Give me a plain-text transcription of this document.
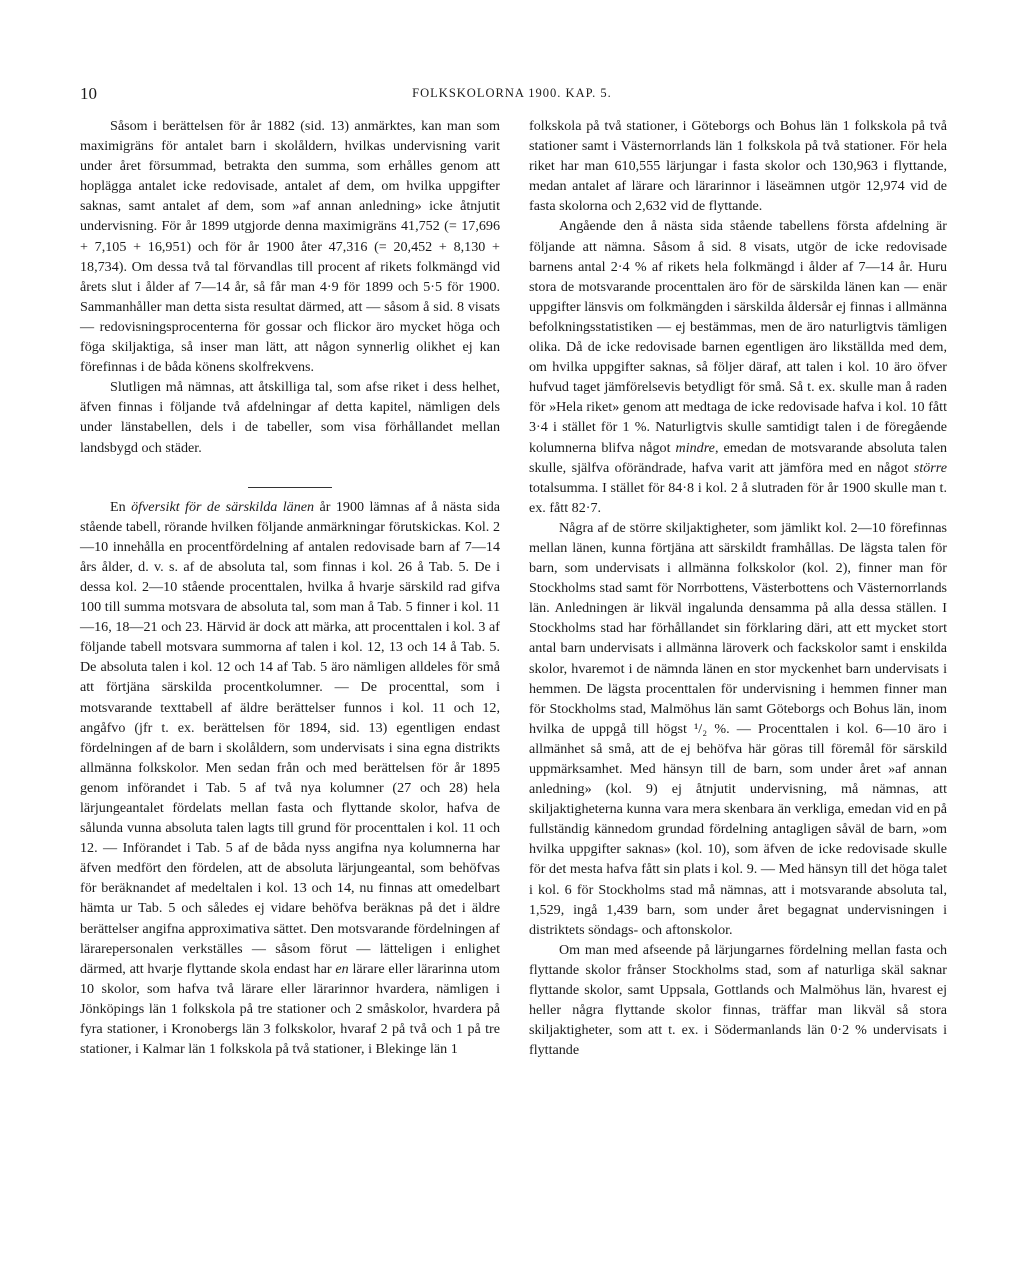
10	FOLKSKOLORNA 1900. KAP. 5.

Såsom i berättelsen för år 1882 (sid. 13) anmärktes, kan man som maximigräns för antalet barn i skolåldern, hvilkas undervisning varit under året försummad, betrakta den summa, som erhålles genom att hoplägga antalet icke redovisade, antalet af dem, om hvilka uppgifter saknas, samt antalet af dem, som »af annan anledning» icke åtnjutit undervisning. För år 1899 utgjorde denna maximigräns 41,752 (= 17,696 + 7,105 + 16,951) och för år 1900 åter 47,316 (= 20,452 + 8,130 + 18,734). Om dessa två tal förvandlas till procent af rikets folkmängd vid årets slut i ålder af 7—14 år, så får man 4·9 för 1899 och 5·5 för 1900. Sammanhåller man detta sista resultat därmed, att — såsom å sid. 8 visats — redovisningsprocenterna för gossar och flickor äro mycket höga och föga skiljaktiga, så inser man lätt, att någon synnerlig olikhet ej kan förefinnas i de båda könens skolfrekvens.

Slutligen må nämnas, att åtskilliga tal, som afse riket i dess helhet, äfven finnas i följande två afdelningar af detta kapitel, nämligen dels under länstabellen, dels i de tabeller, som visa förhållandet mellan landsbygd och städer.

En öfversikt för de särskilda länen år 1900 lämnas af å nästa sida stående tabell, rörande hvilken följande anmärkningar förutskickas. Kol. 2—10 innehålla en procentfördelning af antalen redovisade barn af 7—14 års ålder, d. v. s. af de absoluta tal, som finnas i kol. 26 å Tab. 5. De i dessa kol. 2—10 stående procenttalen, hvilka å hvarje särskild rad gifva 100 till summa motsvara de absoluta tal, som man å Tab. 5 finner i kol. 11—16, 18—21 och 23. Härvid är dock att märka, att procenttalen i kol. 3 af följande tabell motsvara summorna af talen i kol. 12, 13 och 14 å Tab. 5. De absoluta talen i kol. 12 och 14 af Tab. 5 äro nämligen alldeles för små att förtjäna särskilda procentkolumner. — De procenttal, som i motsvarande texttabell af äldre berättelser funnos i kol. 11 och 12, angåfvo (jfr t. ex. berättelsen för 1894, sid. 13) egentligen endast fördelningen af de barn i skolåldern, som undervisats i sina egna distrikts allmänna folkskolor. Men sedan från och med berättelsen för år 1895 genom införandet i Tab. 5 af två nya kolumner (27 och 28) hela lärjungeantalet fördelats mellan fasta och flyttande skolor, hafva de sålunda vunna absoluta talen lagts till grund för procenttalen i kol. 11 och 12. — Införandet i Tab. 5 af de båda nyss angifna nya kolumnerna har äfven medfört den fördelen, att de absoluta lärjungeantal, som behöfvas för beräknandet af medeltalen i kol. 13 och 14, nu finnas att omedelbart hämta ur Tab. 5 och således ej vidare behöfva beräknas på det i äldre berättelser angifna approximativa sättet. Den motsvarande fördelningen af lärarepersonalen verkställes — såsom förut — lätteligen i enlighet därmed, att hvarje flyttande skola endast har en lärare eller lärarinna utom 10 skolor, som hafva två lärare eller lärarinnor hvardera, nämligen i Jönköpings län 1 folkskola på tre stationer och 2 småskolor, hvardera på fyra stationer, i Kronobergs län 3 folkskolor, hvaraf 2 på två och 1 på tre stationer, i Kalmar län 1 folkskola på två stationer, i Blekinge län 1

folkskola på två stationer, i Göteborgs och Bohus län 1 folkskola på två stationer samt i Västernorrlands län 1 folkskola på två stationer. För hela riket har man 610,555 lärjungar i fasta skolor och 130,963 i flyttande, medan antalet af lärare och lärarinnor i läseämnen utgör 12,974 vid de fasta skolorna och 2,632 vid de flyttande.

Angående den å nästa sida stående tabellens första afdelning är följande att nämna. Såsom å sid. 8 visats, utgör de icke redovisade barnens antal 2·4 % af rikets hela folkmängd i ålder af 7—14 år. Huru stora de motsvarande procenttalen äro för de särskilda länen kan — enär uppgifter länsvis om folkmängden i särskilda åldersår ej finnas i allmänna befolkningsstatistiken — ej bestämmas, men de äro naturligtvis tämligen olika. Då de icke redovisade barnen egentligen äro likställda med dem, om hvilka uppgifter saknas, så följer däraf, att talen i kol. 10 äro öfver hufvud taget jämförelsevis betydligt för små. Så t. ex. skulle man å raden för »Hela riket» genom att medtaga de icke redovisade hafva i kol. 10 fått 3·4 i stället för 1 %. Naturligtvis skulle samtidigt talen i de föregående kolumnerna blifva något mindre, emedan de motsvarande absoluta talen skulle, själfva oförändrade, hafva varit att jämföra med en något större totalsumma. I stället för 84·8 i kol. 2 å slutraden för år 1900 skulle man t. ex. fått 82·7.

Några af de större skiljaktigheter, som jämlikt kol. 2—10 förefinnas mellan länen, kunna förtjäna att särskildt framhållas. De lägsta talen för barn, som undervisats i allmänna folkskolor (kol. 2), finner man för Stockholms stad samt för Norrbottens, Västerbottens och Västernorrlands län. Anledningen är likväl ingalunda densamma på alla dessa ställen. I Stockholms stad har förhållandet sin förklaring däri, att ett mycket stort antal barn undervisats i allmänna läroverk och fackskolor samt i enskilda skolor, hvaremot i de nämnda länen en stor myckenhet barn undervisats i hemmen. De lägsta procenttalen för undervisning i hemmen finner man för Stockholms stad, Malmöhus län samt Göteborgs och Bohus län, inom hvilka de uppgå till högst ¹/₂ %. — Procenttalen i kol. 6—10 äro i allmänhet så små, att de ej behöfva här göras till föremål för särskild uppmärksamhet. Med hänsyn till de barn, som under året »af annan anledning» (kol. 9) ej åtnjutit undervisning, må nämnas, att skiljaktigheterna kunna vara mera skenbara än verkliga, emedan vid en på fullständig kännedom grundad fördelning antagligen såväl de barn, »om hvilka uppgifter saknas» (kol. 10), som äfven de icke redovisade skulle för det mesta hafva fått sin plats i kol. 9. — Med hänsyn till det höga talet i kol. 6 för Stockholms stad må nämnas, att i motsvarande absoluta tal, 1,529, ingå 1,439 barn, som under året begagnat undervisningen i distriktets söndags- och aftonskolor.

Om man med afseende på lärjungarnes fördelning mellan fasta och flyttande skolor frånser Stockholms stad, som af naturliga skäl saknar flyttande skolor, samt Uppsala, Gottlands och Malmöhus län, hvarest ej heller några flyttande skolor finnas, träffar man likväl så stora skiljaktigheter, som att t. ex. i Södermanlands län 0·2 % undervisats i flyttande
